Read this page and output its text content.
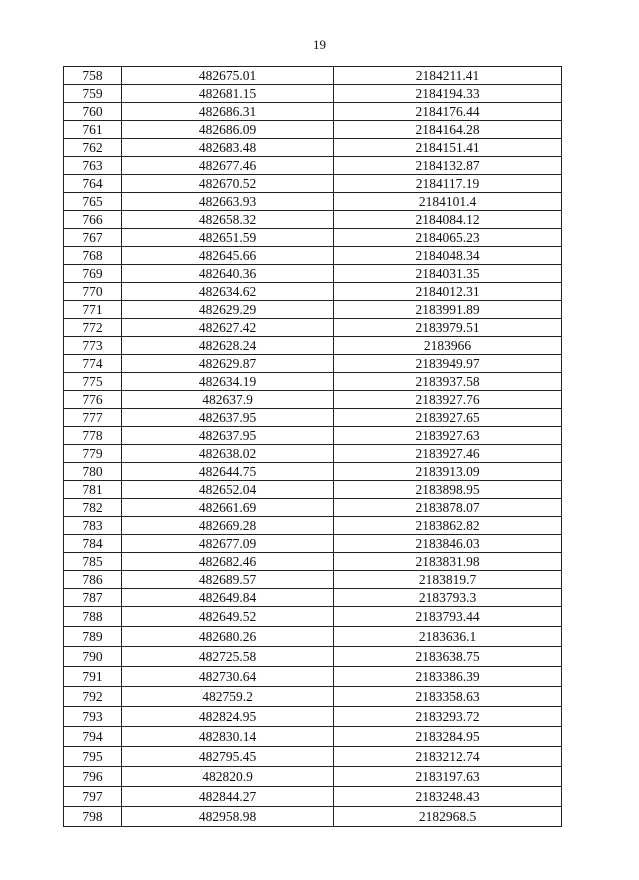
19
758	482675.01	2184211.41
759	482681.15	2184194.33
760	482686.31	2184176.44
761	482686.09	2184164.28
762	482683.48	2184151.41
763	482677.46	2184132.87
764	482670.52	2184117.19
765	482663.93	2184101.4
766	482658.32	2184084.12
767	482651.59	2184065.23
768	482645.66	2184048.34
769	482640.36	2184031.35
770	482634.62	2184012.31
771	482629.29	2183991.89
772	482627.42	2183979.51
773	482628.24	2183966
774	482629.87	2183949.97
775	482634.19	2183937.58
776	482637.9	2183927.76
777	482637.95	2183927.65
778	482637.95	2183927.63
779	482638.02	2183927.46
780	482644.75	2183913.09
781	482652.04	2183898.95
782	482661.69	2183878.07
783	482669.28	2183862.82
784	482677.09	2183846.03
785	482682.46	2183831.98
786	482689.57	2183819.7
787	482649.84	2183793.3
788	482649.52	2183793.44
789	482680.26	2183636.1
790	482725.58	2183638.75
791	482730.64	2183386.39
792	482759.2	2183358.63
793	482824.95	2183293.72
794	482830.14	2183284.95
795	482795.45	2183212.74
796	482820.9	2183197.63
797	482844.27	2183248.43
798	482958.98	2182968.5
